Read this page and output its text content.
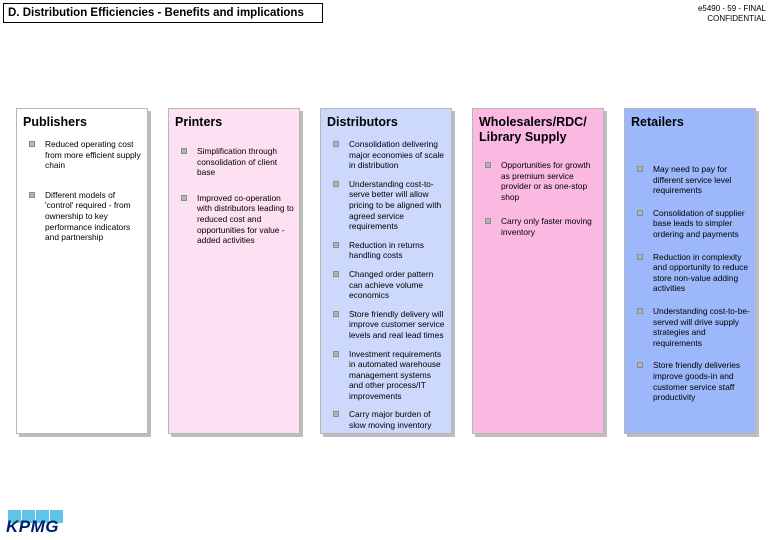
D. Distribution Efficiencies - Benefits and implications	e5490 - 59 - FINAL
CONFIDENTIAL
Publishers
Reduced operating cost from more efficient supply chain
Different models of 'control' required - from ownership to key performance indicators and partnership
Printers
Simplification through consolidation of client base
Improved co-operation with distributors leading to reduced cost and opportunities for value -added activities
Distributors
Consolidation delivering major economies of scale in distribution
Understanding cost-to-serve better will allow pricing to be aligned with agreed service requirements
Reduction in returns handling costs
Changed order pattern can achieve volume economics
Store friendly delivery will improve customer service levels and real lead times
Investment requirements in automated warehouse management systems and other process/IT improvements
Carry major burden of slow moving inventory
Wholesalers/RDC/ Library Supply
Opportunities for growth as premium service provider or as one-stop shop
Carry only faster moving inventory
Retailers
May need to pay for different service level requirements
Consolidation of supplier base leads to simpler ordering and payments
Reduction in complexity and opportunity to reduce store non-value adding activities
Understanding cost-to-be-served will drive supply strategies and requirements
Store friendly deliveries improve goods-in and customer service staff productivity
KPMG
